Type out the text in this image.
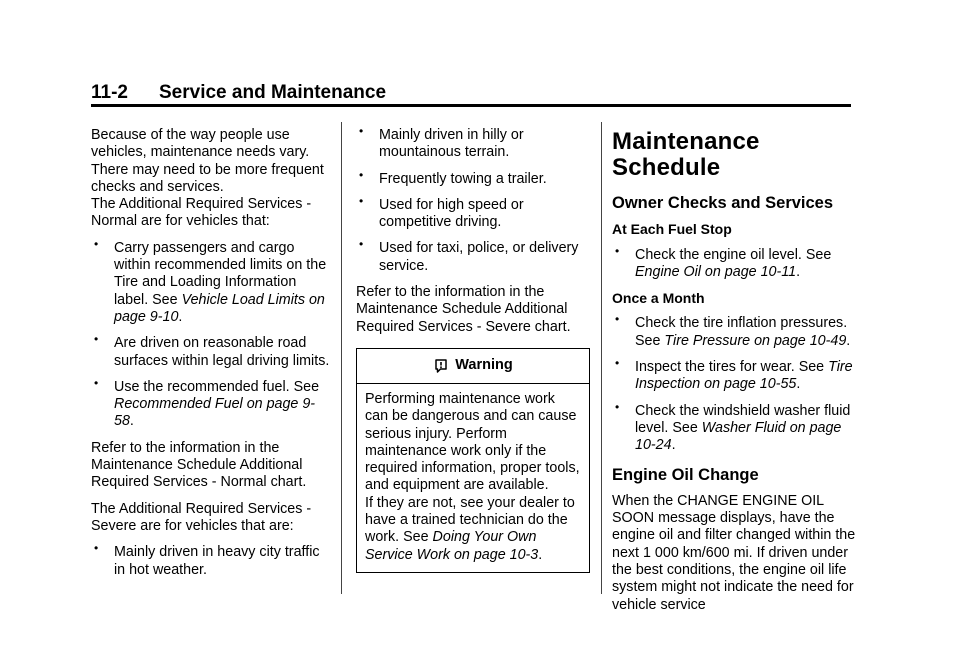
11-2 Service and Maintenance

Because of the way people use vehicles, maintenance needs vary. There may need to be more frequent checks and services.

The Additional Required Services - Normal are for vehicles that:

• Carry passengers and cargo within recommended limits on the Tire and Loading Information label. See Vehicle Load Limits on page 9-10.
• Are driven on reasonable road surfaces within legal driving limits.
• Use the recommended fuel. See Recommended Fuel on page 9-58.

Refer to the information in the Maintenance Schedule Additional Required Services - Normal chart.

The Additional Required Services - Severe are for vehicles that are:

• Mainly driven in heavy city traffic in hot weather.
• Mainly driven in hilly or mountainous terrain.
• Frequently towing a trailer.
• Used for high speed or competitive driving.
• Used for taxi, police, or delivery service.

Refer to the information in the Maintenance Schedule Additional Required Services - Severe chart.

Warning
Performing maintenance work can be dangerous and can cause serious injury. Perform maintenance work only if the required information, proper tools, and equipment are available.
If they are not, see your dealer to have a trained technician do the work. See Doing Your Own Service Work on page 10-3.
Maintenance Schedule
Owner Checks and Services
At Each Fuel Stop
• Check the engine oil level. See Engine Oil on page 10-11.
Once a Month
• Check the tire inflation pressures. See Tire Pressure on page 10-49.
• Inspect the tires for wear. See Tire Inspection on page 10-55.
• Check the windshield washer fluid level. See Washer Fluid on page 10-24.
Engine Oil Change

When the CHANGE ENGINE OIL SOON message displays, have the engine oil and filter changed within the next 1 000 km/600 mi. If driven under the best conditions, the engine oil life system might not indicate the need for vehicle service
